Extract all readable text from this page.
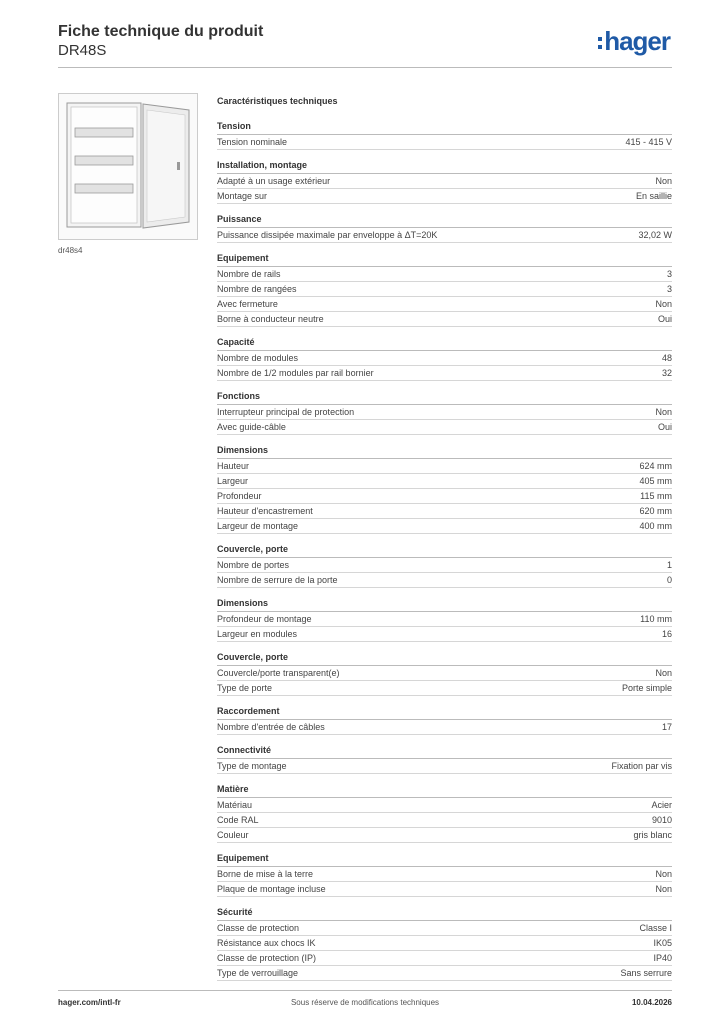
Fiche technique du produit
DR48S	hager
dr48s4
Caractéristiques techniques
Tension
Tension nominale	415 - 415 V
Installation, montage
Adapté à un usage extérieur	Non
Montage sur	En saillie
Puissance
Puissance dissipée maximale par enveloppe à ΔT=20K	32,02 W
Equipement
Nombre de rails	3
Nombre de rangées	3
Avec fermeture	Non
Borne à conducteur neutre	Oui
Capacité
Nombre de modules	48
Nombre de 1/2 modules par rail bornier	32
Fonctions
Interrupteur principal de protection	Non
Avec guide-câble	Oui
Dimensions
Hauteur	624 mm
Largeur	405 mm
Profondeur	115 mm
Hauteur d'encastrement	620 mm
Largeur de montage	400 mm
Couvercle, porte
Nombre de portes	1
Nombre de serrure de la porte	0
Dimensions
Profondeur de montage	110 mm
Largeur en modules	16
Couvercle, porte
Couvercle/porte transparent(e)	Non
Type de porte	Porte simple
Raccordement
Nombre d'entrée de câbles	17
Connectivité
Type de montage	Fixation par vis
Matière
Matériau	Acier
Code RAL	9010
Couleur	gris blanc
Equipement
Borne de mise à la terre	Non
Plaque de montage incluse	Non
Sécurité
Classe de protection	Classe I
Résistance aux chocs IK	IK05
Classe de protection (IP)	IP40
Type de verrouillage	Sans serrure
hager.com/intl-fr	Sous réserve de modifications techniques	10.04.2026
